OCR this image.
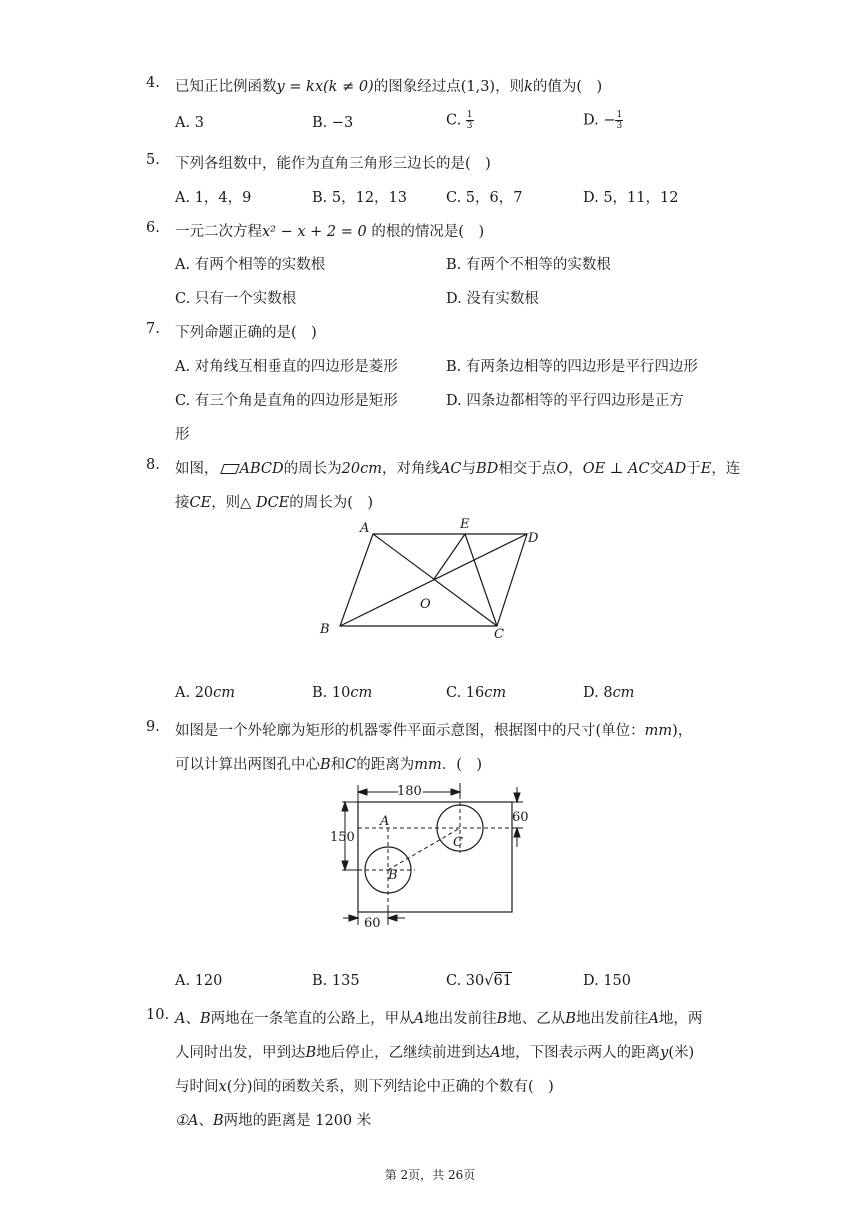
4. 已知正比例函数y = kx(k ≠ 0)的图象经过点(1,3)，则k的值为(　)
A. 3	B. −3	C. $\frac{1}{3}$	D. − $\frac{1}{3}$
5. 下列各组数中，能作为直角三角形三边长的是(　)
A. 1，4，9	B. 5，12，13	C. 5，6，7	D. 5，11，12
6. 一元二次方程x² − x + 2 = 0 的根的情况是(　)
A. 有两个相等的实数根	B. 有两个不相等的实数根
C. 只有一个实数根	D. 没有实数根
7. 下列命题正确的是(　)
A. 对角线互相垂直的四边形是菱形	B. 有两条边相等的四边形是平行四边形
C. 有三个角是直角的四边形是矩形	D. 四条边都相等的平行四边形是正方
形
8. 如图， ABCD的周长为20cm，对角线AC与BD相交于点O，OE ⊥ AC交AD于E，连
接CE，则△ DCE的周长为(　)
A	E
D
B	C
O
A. 20cm	B. 10cm	C. 16cm	D. 8cm
9. 如图是一个外轮廓为矩形的机器零件平面示意图，根据图中的尺寸(单位：mm)，
可以计算出两图孔中心B和C的距离为mm．(　)
180
60
150
60
A
B
C
A. 120	B. 135	C. 30√61	D. 150
10. A、B两地在一条笔直的公路上，甲从A地出发前往B地、乙从B地出发前往A地，两
人同时出发，甲到达B地后停止，乙继续前进到达A地，下图表示两人的距离y(米)
与时间x(分)间的函数关系，则下列结论中正确的个数有(　)
①A、B两地的距离是 1200 米
第 2页，共 26页
